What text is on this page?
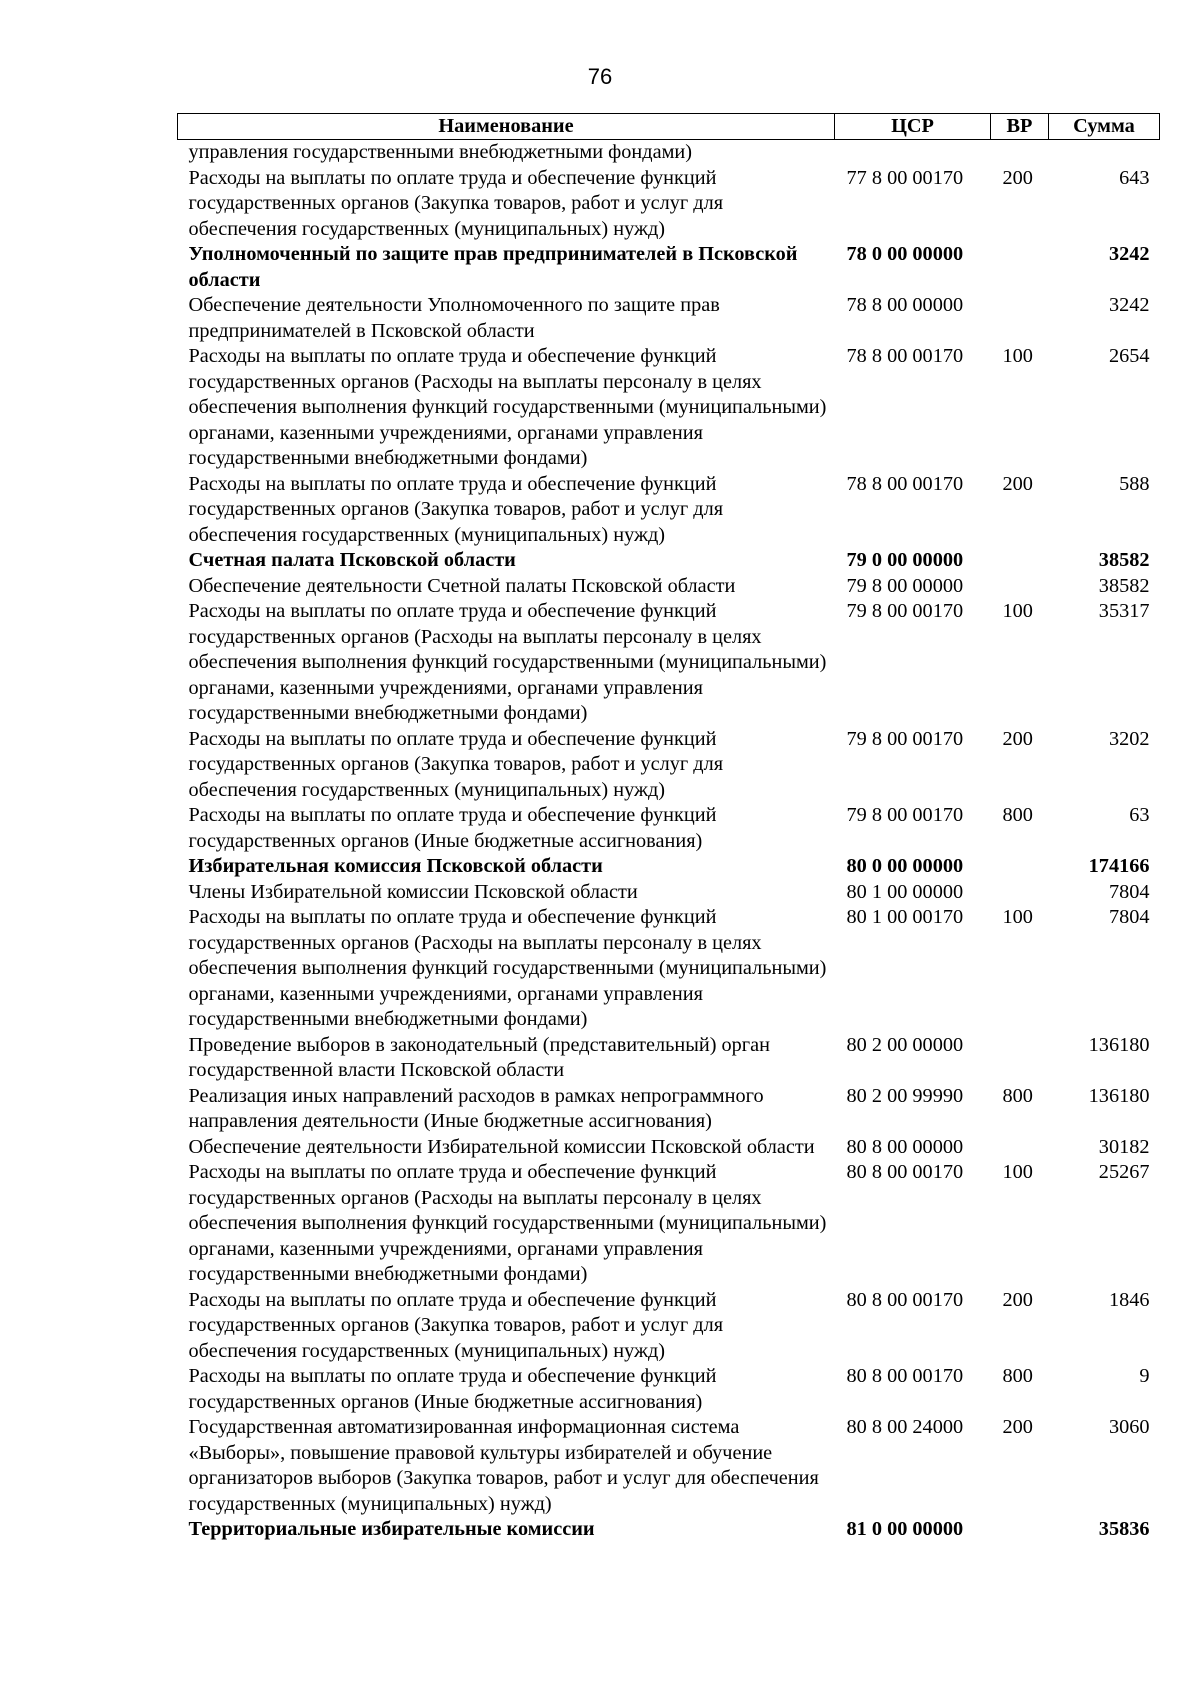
76
Наименование	ЦСР	ВР	Сумма
управления государственными внебюджетными фондами)			
Расходы на выплаты по оплате труда и обеспечение функций государственных органов (Закупка товаров, работ и услуг для обеспечения государственных (муниципальных) нужд)	77 8 00 00170	200	643
Уполномоченный по защите прав предпринимателей в Псковской области	78 0 00 00000		3242
Обеспечение деятельности Уполномоченного по защите прав предпринимателей в Псковской области	78 8 00 00000		3242
Расходы на выплаты по оплате труда и обеспечение функций государственных органов (Расходы на выплаты персоналу в целях обеспечения выполнения функций государственными (муниципальными) органами, казенными учреждениями, органами управления государственными внебюджетными фондами)	78 8 00 00170	100	2654
Расходы на выплаты по оплате труда и обеспечение функций государственных органов (Закупка товаров, работ и услуг для обеспечения государственных (муниципальных) нужд)	78 8 00 00170	200	588
Счетная палата Псковской области	79 0 00 00000		38582
Обеспечение деятельности Счетной палаты Псковской области	79 8 00 00000		38582
Расходы на выплаты по оплате труда и обеспечение функций государственных органов (Расходы на выплаты персоналу в целях обеспечения выполнения функций государственными (муниципальными) органами, казенными учреждениями, органами управления государственными внебюджетными фондами)	79 8 00 00170	100	35317
Расходы на выплаты по оплате труда и обеспечение функций государственных органов (Закупка товаров, работ и услуг для обеспечения государственных (муниципальных) нужд)	79 8 00 00170	200	3202
Расходы на выплаты по оплате труда и обеспечение функций государственных органов (Иные бюджетные ассигнования)	79 8 00 00170	800	63
Избирательная комиссия Псковской области	80 0 00 00000		174166
Члены Избирательной комиссии Псковской области	80 1 00 00000		7804
Расходы на выплаты по оплате труда и обеспечение функций государственных органов (Расходы на выплаты персоналу в целях обеспечения выполнения функций государственными (муниципальными) органами, казенными учреждениями, органами управления государственными внебюджетными фондами)	80 1 00 00170	100	7804
Проведение выборов в законодательный (представительный) орган государственной власти Псковской области	80 2 00 00000		136180
Реализация иных направлений расходов в рамках непрограммного направления деятельности (Иные бюджетные ассигнования)	80 2 00 99990	800	136180
Обеспечение деятельности Избирательной комиссии Псковской области	80 8 00 00000		30182
Расходы на выплаты по оплате труда и обеспечение функций государственных органов (Расходы на выплаты персоналу в целях обеспечения выполнения функций государственными (муниципальными) органами, казенными учреждениями, органами управления государственными внебюджетными фондами)	80 8 00 00170	100	25267
Расходы на выплаты по оплате труда и обеспечение функций государственных органов (Закупка товаров, работ и услуг для обеспечения государственных (муниципальных) нужд)	80 8 00 00170	200	1846
Расходы на выплаты по оплате труда и обеспечение функций государственных органов (Иные бюджетные ассигнования)	80 8 00 00170	800	9
Государственная автоматизированная информационная система «Выборы», повышение правовой культуры избирателей и обучение организаторов выборов (Закупка товаров, работ и услуг для обеспечения государственных (муниципальных) нужд)	80 8 00 24000	200	3060
Территориальные избирательные комиссии	81 0 00 00000		35836
